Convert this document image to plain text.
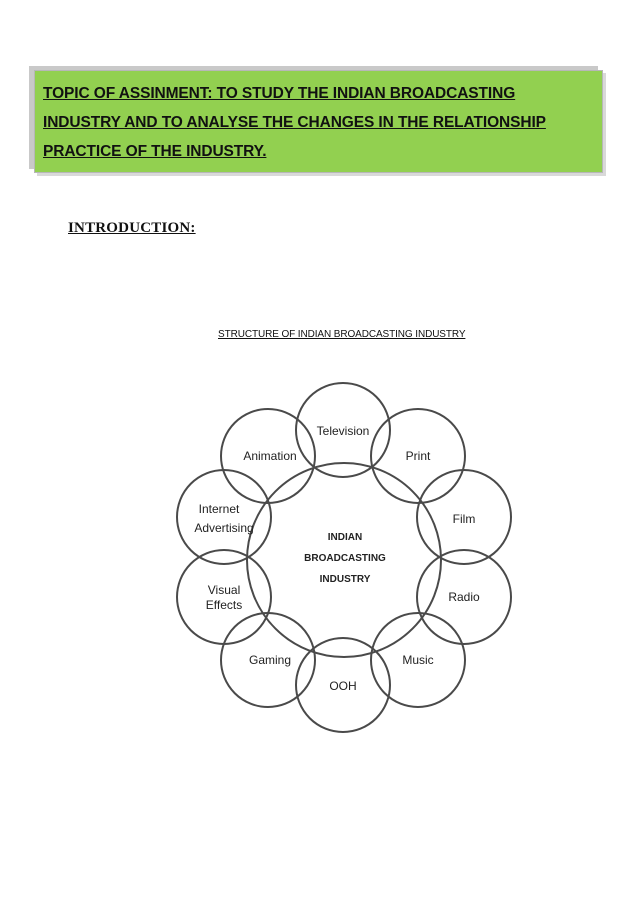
TOPIC OF ASSINMENT: TO STUDY THE INDIAN BROADCASTING
INDUSTRY AND TO ANALYSE THE CHANGES IN THE RELATIONSHIP
PRACTICE OF THE INDUSTRY.
INTRODUCTION:
STRUCTURE OF INDIAN BROADCASTING INDUSTRY
INDIAN
BROADCASTING
INDUSTRY
Television
Print
Film
Radio
Music
OOH
Gaming
Visual
Effects
Internet
Advertising
Animation
